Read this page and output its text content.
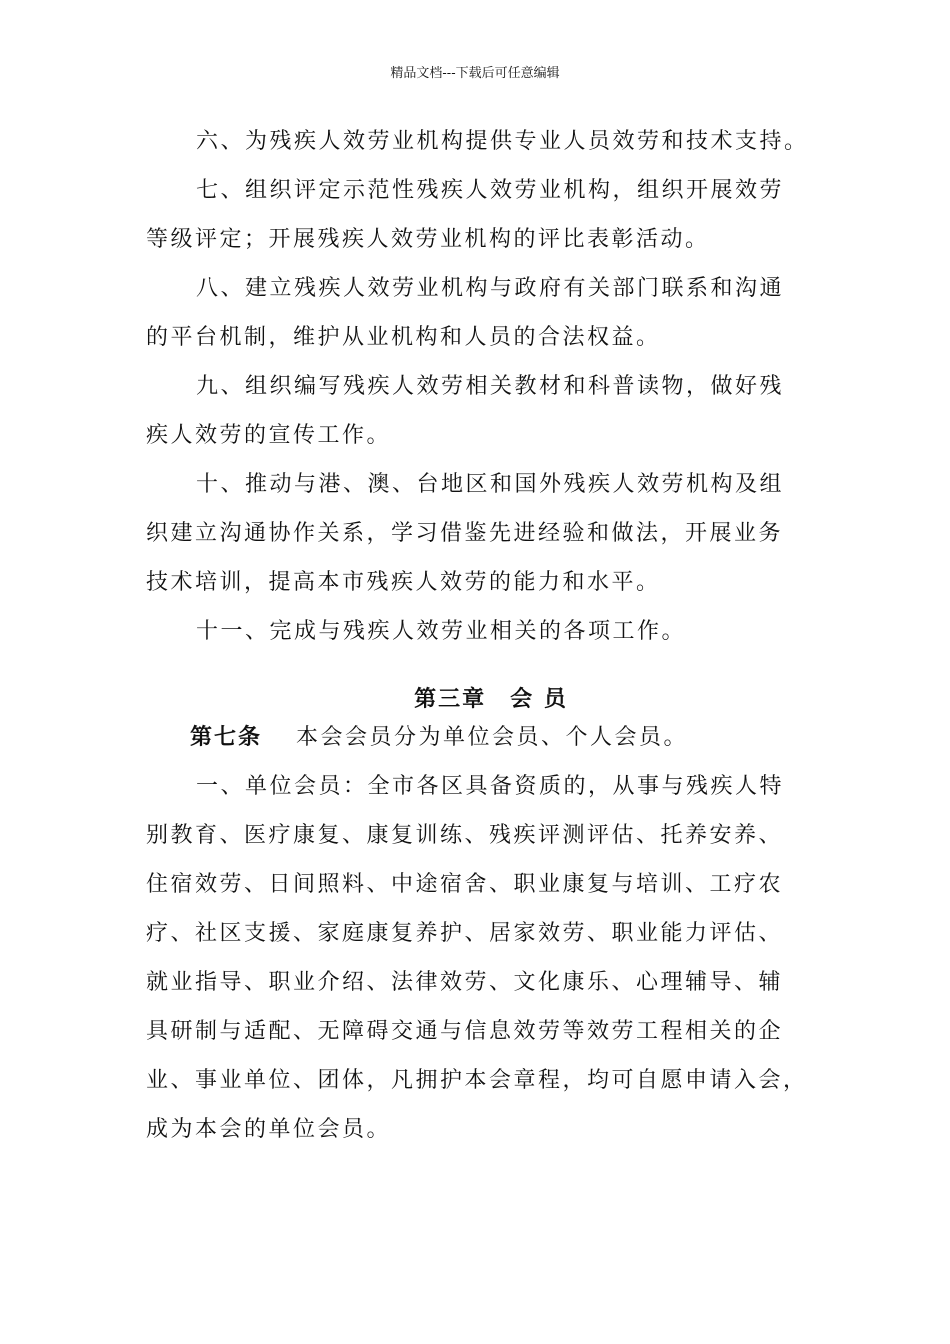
精品文档---下载后可任意编辑
六、为残疾人效劳业机构提供专业人员效劳和技术支持。
七、组织评定示范性残疾人效劳业机构，组织开展效劳
等级评定；开展残疾人效劳业机构的评比表彰活动。
八、建立残疾人效劳业机构与政府有关部门联系和沟通
的平台机制，维护从业机构和人员的合法权益。
九、组织编写残疾人效劳相关教材和科普读物，做好残
疾人效劳的宣传工作。
十、推动与港、澳、台地区和国外残疾人效劳机构及组
织建立沟通协作关系，学习借鉴先进经验和做法，开展业务
技术培训，提高本市残疾人效劳的能力和水平。
十一、完成与残疾人效劳业相关的各项工作。
第三章　会 员
第七条 本会会员分为单位会员、个人会员。
一、单位会员：全市各区具备资质的，从事与残疾人特
别教育、医疗康复、康复训练、残疾评测评估、托养安养、
住宿效劳、日间照料、中途宿舍、职业康复与培训、工疗农
疗、社区支援、家庭康复养护、居家效劳、职业能力评估、
就业指导、职业介绍、法律效劳、文化康乐、心理辅导、辅
具研制与适配、无障碍交通与信息效劳等效劳工程相关的企
业、事业单位、团体，凡拥护本会章程，均可自愿申请入会，
成为本会的单位会员。
